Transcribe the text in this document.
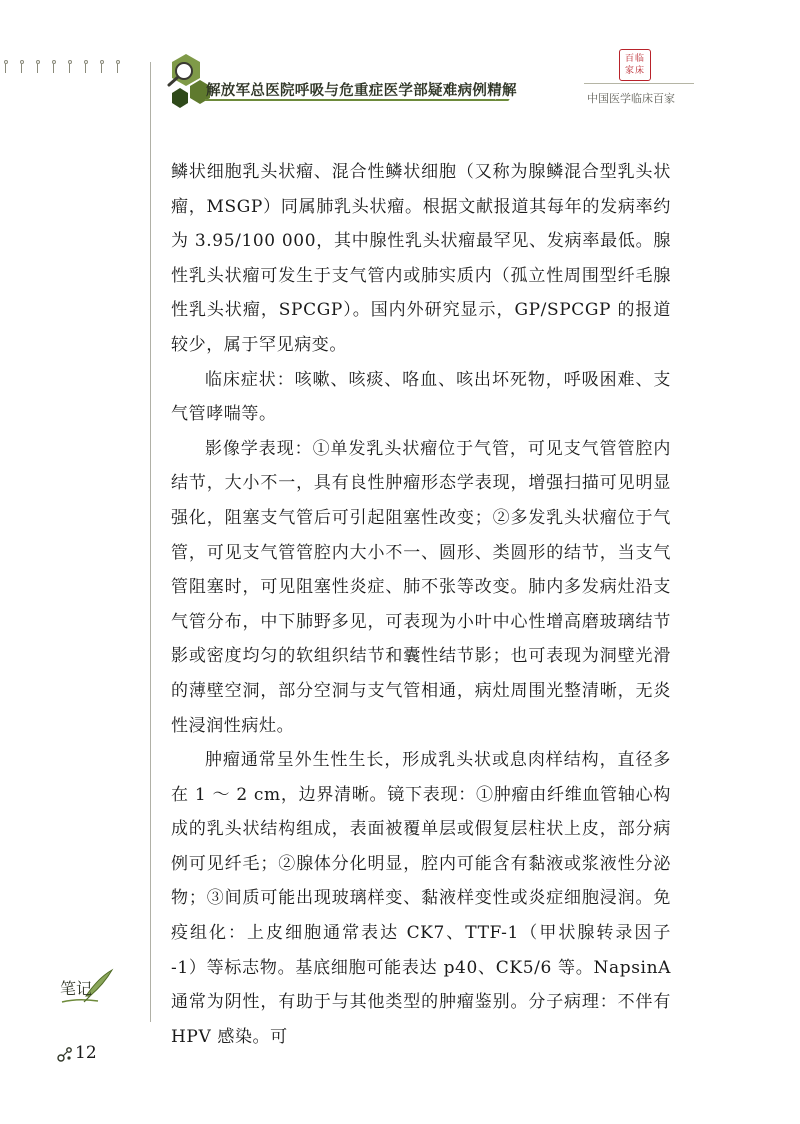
解放军总医院呼吸与危重症医学部疑难病例精解
百临家床
中国医学临床百家

鳞状细胞乳头状瘤、混合性鳞状细胞（又称为腺鳞混合型乳头状瘤，MSGP）同属肺乳头状瘤。根据文献报道其每年的发病率约为 3.95/100 000，其中腺性乳头状瘤最罕见、发病率最低。腺性乳头状瘤可发生于支气管内或肺实质内（孤立性周围型纤毛腺性乳头状瘤，SPCGP）。国内外研究显示，GP/SPCGP 的报道较少，属于罕见病变。

临床症状：咳嗽、咳痰、咯血、咳出坏死物，呼吸困难、支气管哮喘等。

影像学表现：①单发乳头状瘤位于气管，可见支气管管腔内结节，大小不一，具有良性肿瘤形态学表现，增强扫描可见明显强化，阻塞支气管后可引起阻塞性改变；②多发乳头状瘤位于气管，可见支气管管腔内大小不一、圆形、类圆形的结节，当支气管阻塞时，可见阻塞性炎症、肺不张等改变。肺内多发病灶沿支气管分布，中下肺野多见，可表现为小叶中心性增高磨玻璃结节影或密度均匀的软组织结节和囊性结节影；也可表现为洞壁光滑的薄壁空洞，部分空洞与支气管相通，病灶周围光整清晰，无炎性浸润性病灶。

肿瘤通常呈外生性生长，形成乳头状或息肉样结构，直径多在 1 ～ 2 cm，边界清晰。镜下表现：①肿瘤由纤维血管轴心构成的乳头状结构组成，表面被覆单层或假复层柱状上皮，部分病例可见纤毛；②腺体分化明显，腔内可能含有黏液或浆液性分泌物；③间质可能出现玻璃样变、黏液样变性或炎症细胞浸润。免疫组化：上皮细胞通常表达 CK7、TTF-1（甲状腺转录因子 -1）等标志物。基底细胞可能表达 p40、CK5/6 等。NapsinA 通常为阴性，有助于与其他类型的肿瘤鉴别。分子病理：不伴有 HPV 感染。可

笔记
12
